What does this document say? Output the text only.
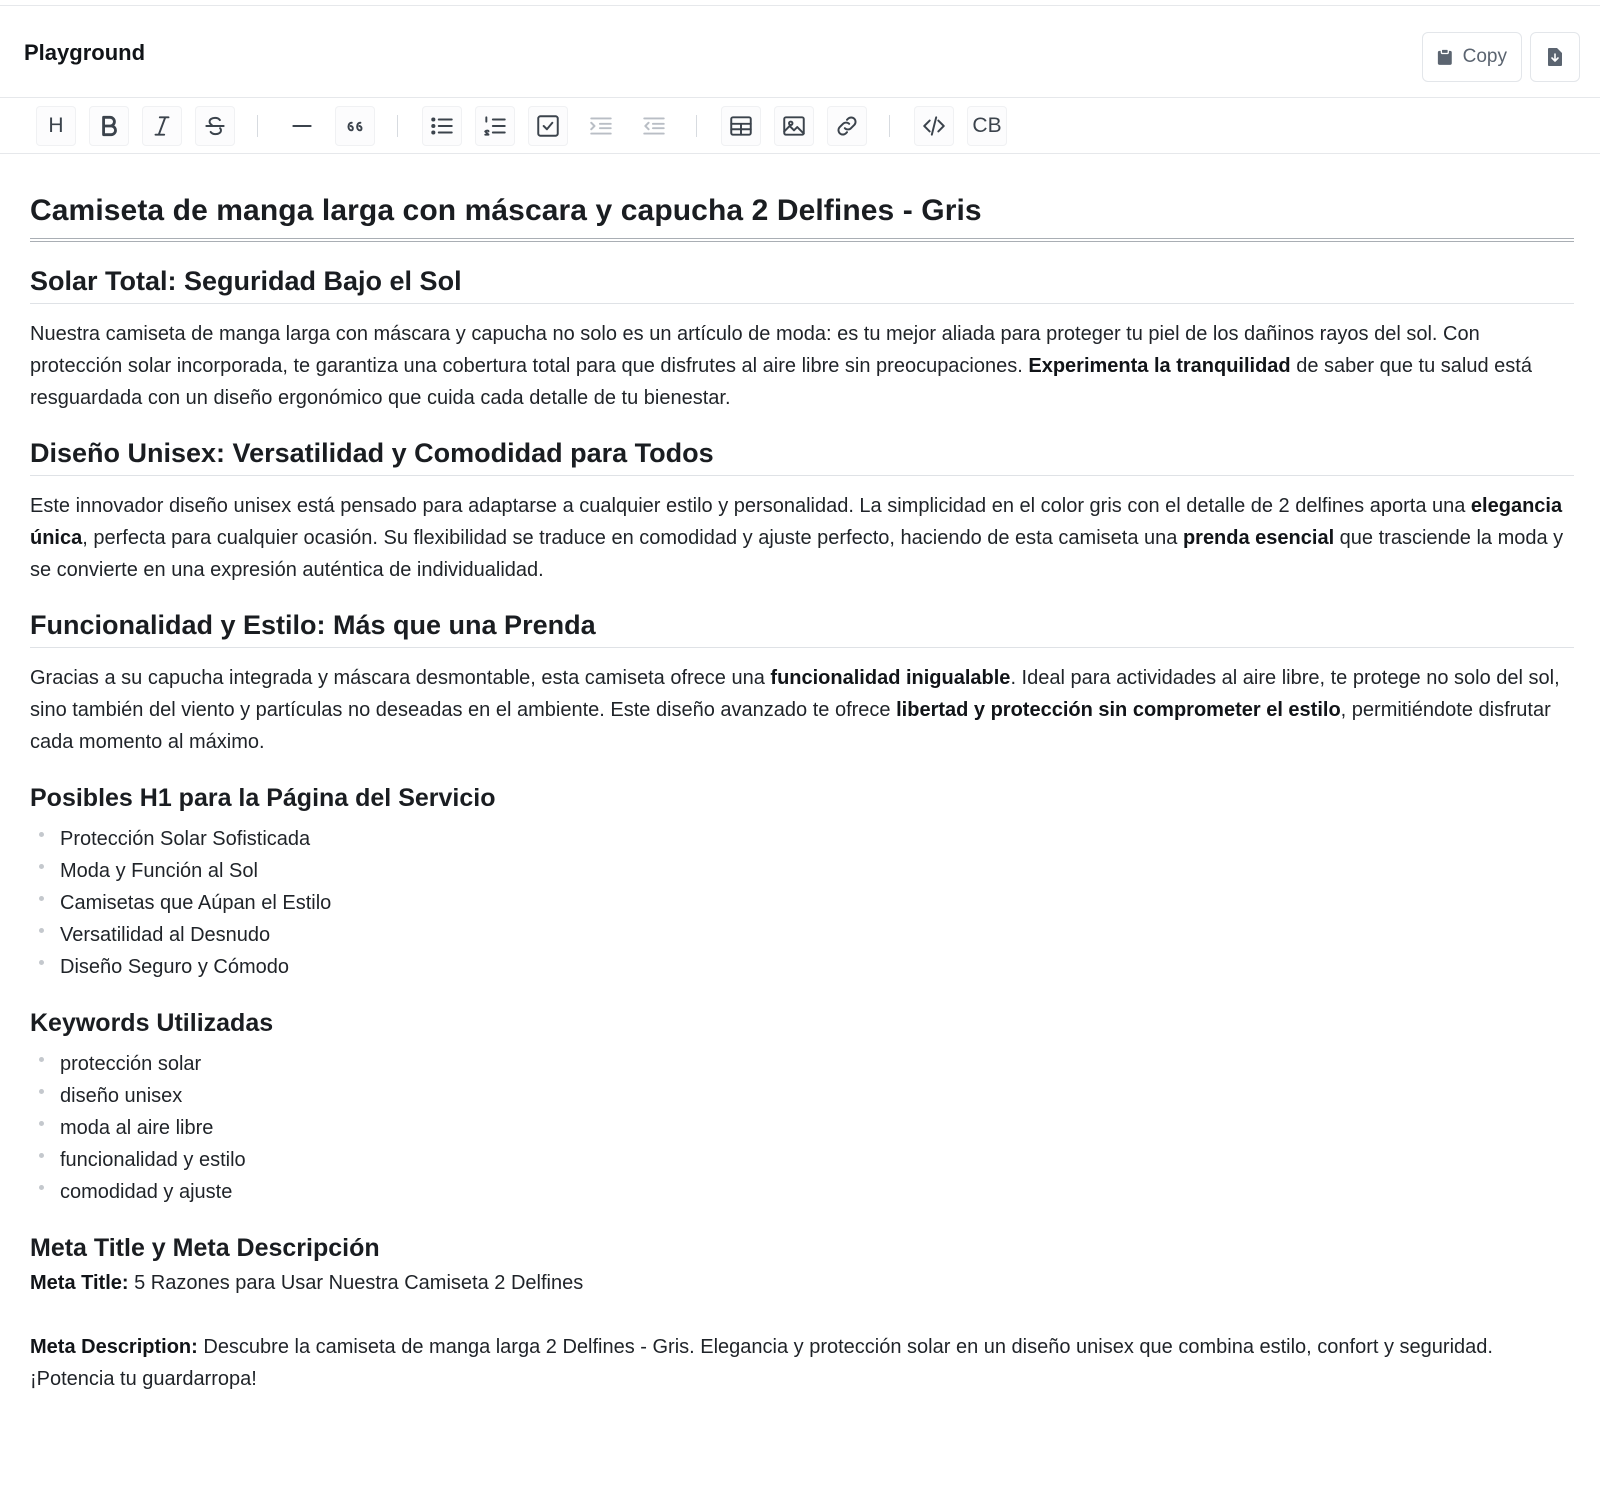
Playground	Copy
H	CB
Camiseta de manga larga con máscara y capucha 2 Delfines - Gris
Solar Total: Seguridad Bajo el Sol

Nuestra camiseta de manga larga con máscara y capucha no solo es un artículo de moda: es tu mejor aliada para proteger tu piel de los dañinos rayos del sol. Con protección solar incorporada, te garantiza una cobertura total para que disfrutes al aire libre sin preocupaciones. Experimenta la tranquilidad de saber que tu salud está resguardada con un diseño ergonómico que cuida cada detalle de tu bienestar.

Diseño Unisex: Versatilidad y Comodidad para Todos

Este innovador diseño unisex está pensado para adaptarse a cualquier estilo y personalidad. La simplicidad en el color gris con el detalle de 2 delfines aporta una elegancia única, perfecta para cualquier ocasión. Su flexibilidad se traduce en comodidad y ajuste perfecto, haciendo de esta camiseta una prenda esencial que trasciende la moda y se convierte en una expresión auténtica de individualidad.

Funcionalidad y Estilo: Más que una Prenda

Gracias a su capucha integrada y máscara desmontable, esta camiseta ofrece una funcionalidad inigualable. Ideal para actividades al aire libre, te protege no solo del sol, sino también del viento y partículas no deseadas en el ambiente. Este diseño avanzado te ofrece libertad y protección sin comprometer el estilo, permitiéndote disfrutar cada momento al máximo.

Posibles H1 para la Página del Servicio
Protección Solar Sofisticada
Moda y Función al Sol
Camisetas que Aúpan el Estilo
Versatilidad al Desnudo
Diseño Seguro y Cómodo
Keywords Utilizadas
protección solar
diseño unisex
moda al aire libre
funcionalidad y estilo
comodidad y ajuste
Meta Title y Meta Descripción

Meta Title: 5 Razones para Usar Nuestra Camiseta 2 Delfines

Meta Description: Descubre la camiseta de manga larga 2 Delfines - Gris. Elegancia y protección solar en un diseño unisex que combina estilo, confort y seguridad. ¡Potencia tu guardarropa!
